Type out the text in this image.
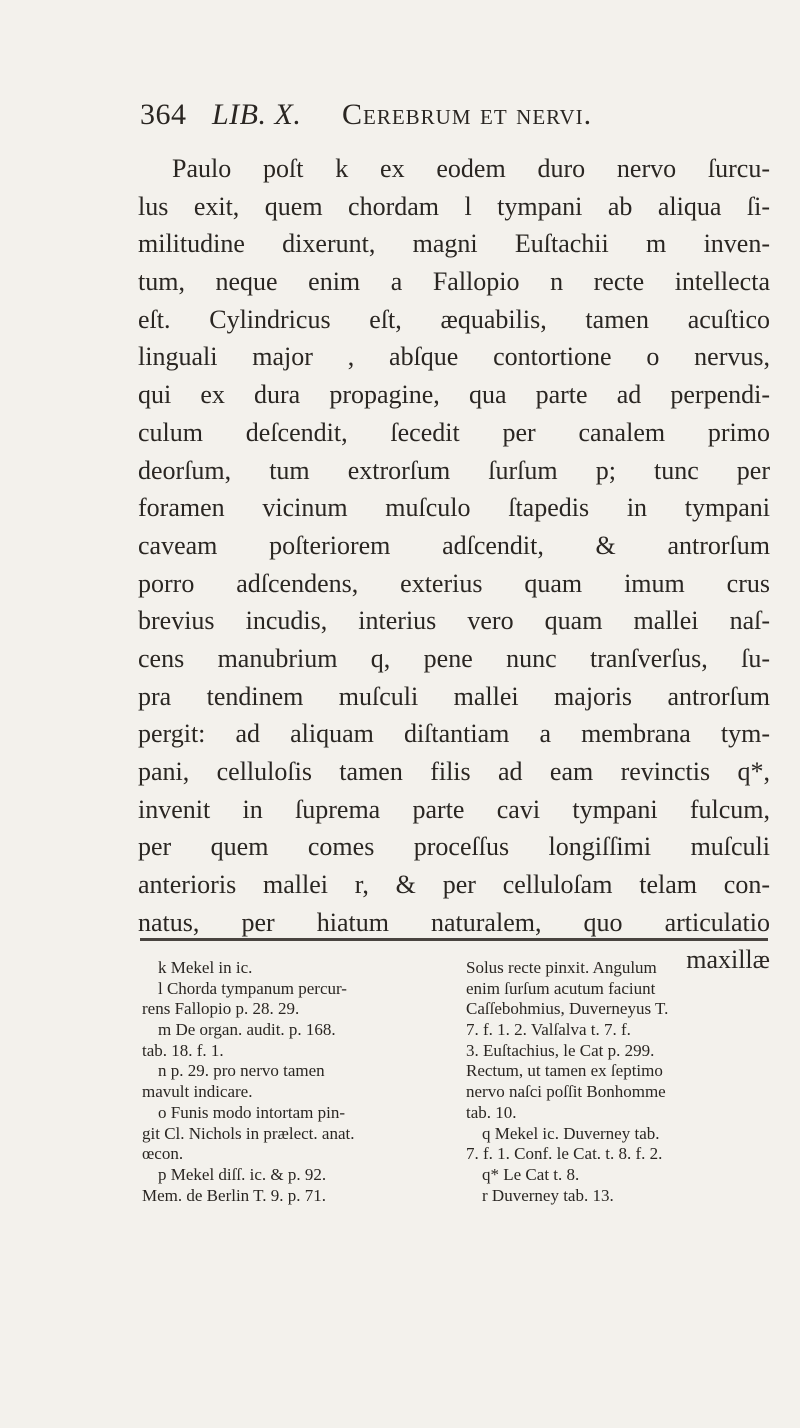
364 LIB. X. Cerebrum et nervi.
Paulo poſt k ex eodem duro nervo ſurcu-
lus exit, quem chordam l tympani ab aliqua ſi-
militudine dixerunt, magni Euſtachii m inven-
tum, neque enim a Fallopio n recte intellecta
eſt. Cylindricus eſt, æquabilis, tamen acuſtico
linguali major , abſque contortione o nervus,
qui ex dura propagine, qua parte ad perpendi-
culum deſcendit, ſecedit per canalem primo
deorſum, tum extrorſum ſurſum p; tunc per
foramen vicinum muſculo ſtapedis in tympani
caveam poſteriorem adſcendit, & antrorſum
porro adſcendens, exterius quam imum crus
brevius incudis, interius vero quam mallei naſ-
cens manubrium q, pene nunc tranſverſus, ſu-
pra tendinem muſculi mallei majoris antrorſum
pergit: ad aliquam diſtantiam a membrana tym-
pani, celluloſis tamen filis ad eam revinctis q*,
invenit in ſuprema parte cavi tympani fulcum,
per quem comes proceſſus longiſſimi muſculi
anterioris mallei r, & per celluloſam telam con-
natus, per hiatum naturalem, quo articulatio
maxillæ
k Mekel in ic.
l Chorda tympanum percur-
rens Fallopio p. 28. 29.
m De organ. audit. p. 168.
tab. 18. f. 1.
n p. 29. pro nervo tamen
mavult indicare.
o Funis modo intortam pin-
git Cl. Nichols in prælect. anat.
œcon.
p Mekel diſſ. ic. & p. 92.
Mem. de Berlin T. 9. p. 71.
Solus recte pinxit. Angulum
enim ſurſum acutum faciunt
Caſſebohmius, Duverneyus T.
7. f. 1. 2. Valſalva t. 7. f.
3. Euſtachius, le Cat p. 299.
Rectum, ut tamen ex ſeptimo
nervo naſci poſſit Bonhomme
tab. 10.
q Mekel ic. Duverney tab.
7. f. 1. Conf. le Cat. t. 8. f. 2.
q* Le Cat t. 8.
r Duverney tab. 13.
